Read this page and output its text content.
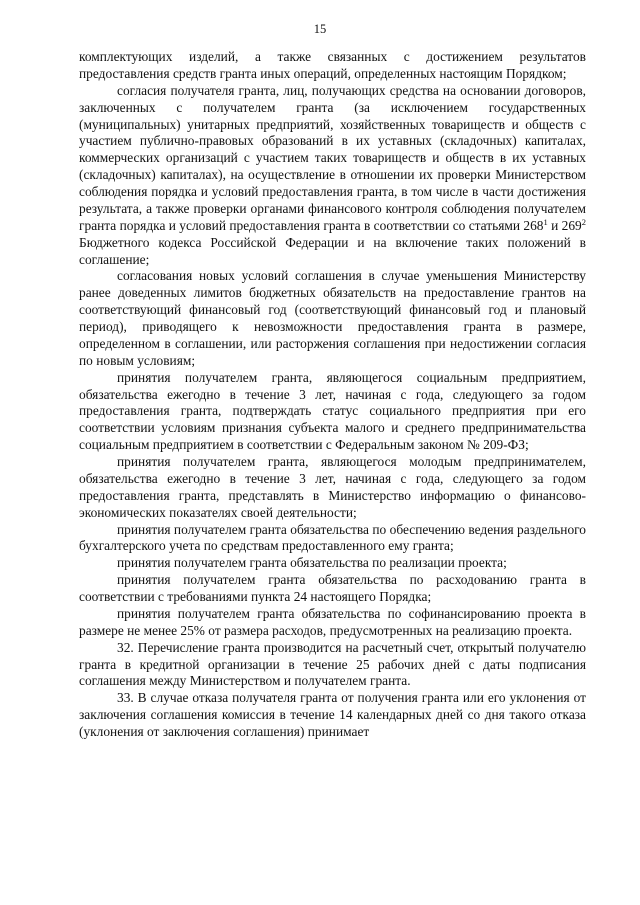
15

комплектующих изделий, а также связанных с достижением результатов предоставления средств гранта иных операций, определенных настоящим Порядком;

согласия получателя гранта, лиц, получающих средства на основании договоров, заключенных с получателем гранта (за исключением государственных (муниципальных) унитарных предприятий, хозяйственных товариществ и обществ с участием публично-правовых образований в их уставных (складочных) капиталах, коммерческих организаций с участием таких товариществ и обществ в их уставных (складочных) капиталах), на осуществление в отношении их проверки Министерством соблюдения порядка и условий предоставления гранта, в том числе в части достижения результата, а также проверки органами финансового контроля соблюдения получателем гранта порядка и условий предоставления гранта в соответствии со статьями $268^1$ и $269^2$ Бюджетного кодекса Российской Федерации и на включение таких положений в соглашение;

согласования новых условий соглашения в случае уменьшения Министерству ранее доведенных лимитов бюджетных обязательств на предоставление грантов на соответствующий финансовый год (соответствующий финансовый год и плановый период), приводящего к невозможности предоставления гранта в размере, определенном в соглашении, или расторжения соглашения при недостижении согласия по новым условиям;

принятия получателем гранта, являющегося социальным предприятием, обязательства ежегодно в течение 3 лет, начиная с года, следующего за годом предоставления гранта, подтверждать статус социального предприятия при его соответствии условиям признания субъекта малого и среднего предпринимательства социальным предприятием в соответствии с Федеральным законом № 209-ФЗ;

принятия получателем гранта, являющегося молодым предпринимателем, обязательства ежегодно в течение 3 лет, начиная с года, следующего за годом предоставления гранта, представлять в Министерство информацию о финансово-экономических показателях своей деятельности;

принятия получателем гранта обязательства по обеспечению ведения раздельного бухгалтерского учета по средствам предоставленного ему гранта;

принятия получателем гранта обязательства по реализации проекта;

принятия получателем гранта обязательства по расходованию гранта в соответствии с требованиями пункта 24 настоящего Порядка;

принятия получателем гранта обязательства по софинансированию проекта в размере не менее 25% от размера расходов, предусмотренных на реализацию проекта.

32. Перечисление гранта производится на расчетный счет, открытый получателю гранта в кредитной организации в течение 25 рабочих дней с даты подписания соглашения между Министерством и получателем гранта.

33. В случае отказа получателя гранта от получения гранта или его уклонения от заключения соглашения комиссия в течение 14 календарных дней со дня такого отказа (уклонения от заключения соглашения) принимает
